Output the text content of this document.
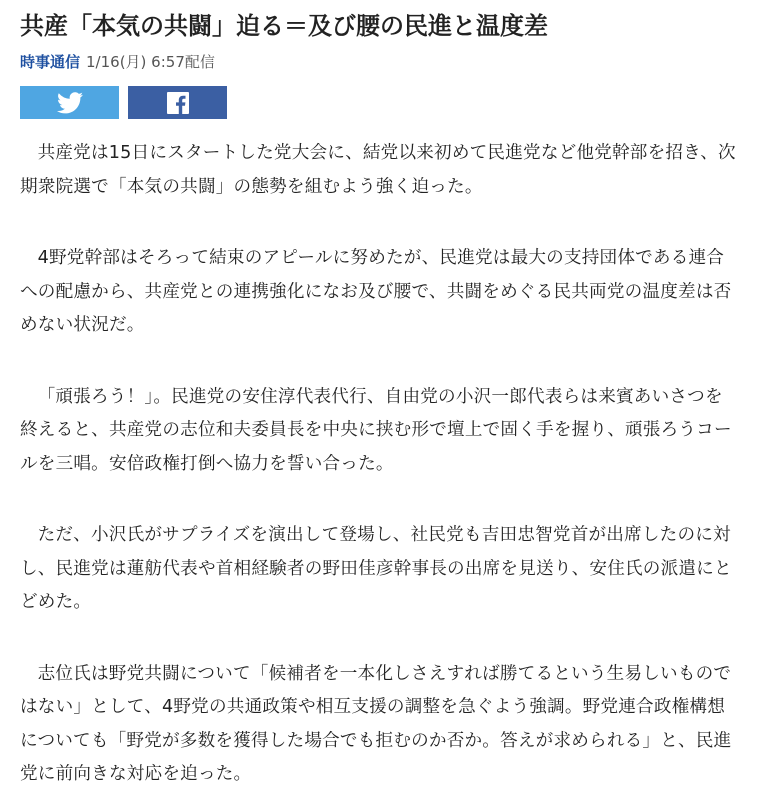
共産「本気の共闘」迫る＝及び腰の民進と温度差
時事通信 1/16(月) 6:57配信

共産党は15日にスタートした党大会に、結党以来初めて民進党など他党幹部を招き、次期衆院選で「本気の共闘」の態勢を組むよう強く迫った。

4野党幹部はそろって結束のアピールに努めたが、民進党は最大の支持団体である連合への配慮から、共産党との連携強化になお及び腰で、共闘をめぐる民共両党の温度差は否めない状況だ。

「頑張ろう！」。民進党の安住淳代表代行、自由党の小沢一郎代表らは来賓あいさつを終えると、共産党の志位和夫委員長を中央に挟む形で壇上で固く手を握り、頑張ろうコールを三唱。安倍政権打倒へ協力を誓い合った。

ただ、小沢氏がサプライズを演出して登場し、社民党も吉田忠智党首が出席したのに対し、民進党は蓮舫代表や首相経験者の野田佳彦幹事長の出席を見送り、安住氏の派遣にとどめた。

志位氏は野党共闘について「候補者を一本化しさえすれば勝てるという生易しいものではない」として、4野党の共通政策や相互支援の調整を急ぐよう強調。野党連合政権構想についても「野党が多数を獲得した場合でも拒むのか否か。答えが求められる」と、民進党に前向きな対応を迫った。
